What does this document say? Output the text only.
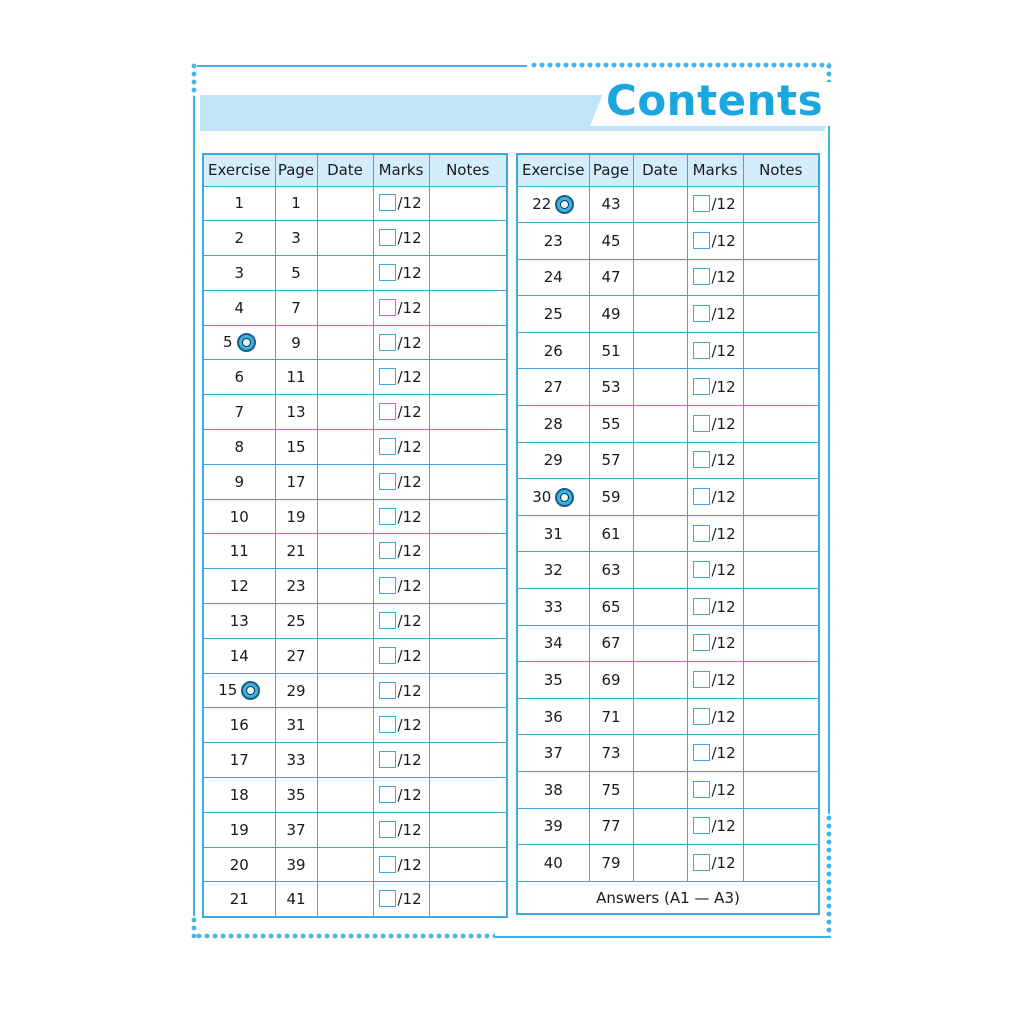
Contents
Exercise	Page	Date	Marks	Notes
1	1		/12	
2	3		/12	
3	5		/12	
4	7		/12	
5	9		/12	
6	11		/12	
7	13		/12	
8	15		/12	
9	17		/12	
10	19		/12	
11	21		/12	
12	23		/12	
13	25		/12	
14	27		/12	
15	29		/12	
16	31		/12	
17	33		/12	
18	35		/12	
19	37		/12	
20	39		/12	
21	41		/12	
Exercise	Page	Date	Marks	Notes
22	43		/12	
23	45		/12	
24	47		/12	
25	49		/12	
26	51		/12	
27	53		/12	
28	55		/12	
29	57		/12	
30	59		/12	
31	61		/12	
32	63		/12	
33	65		/12	
34	67		/12	
35	69		/12	
36	71		/12	
37	73		/12	
38	75		/12	
39	77		/12	
40	79		/12	
Answers (A1 — A3)				
